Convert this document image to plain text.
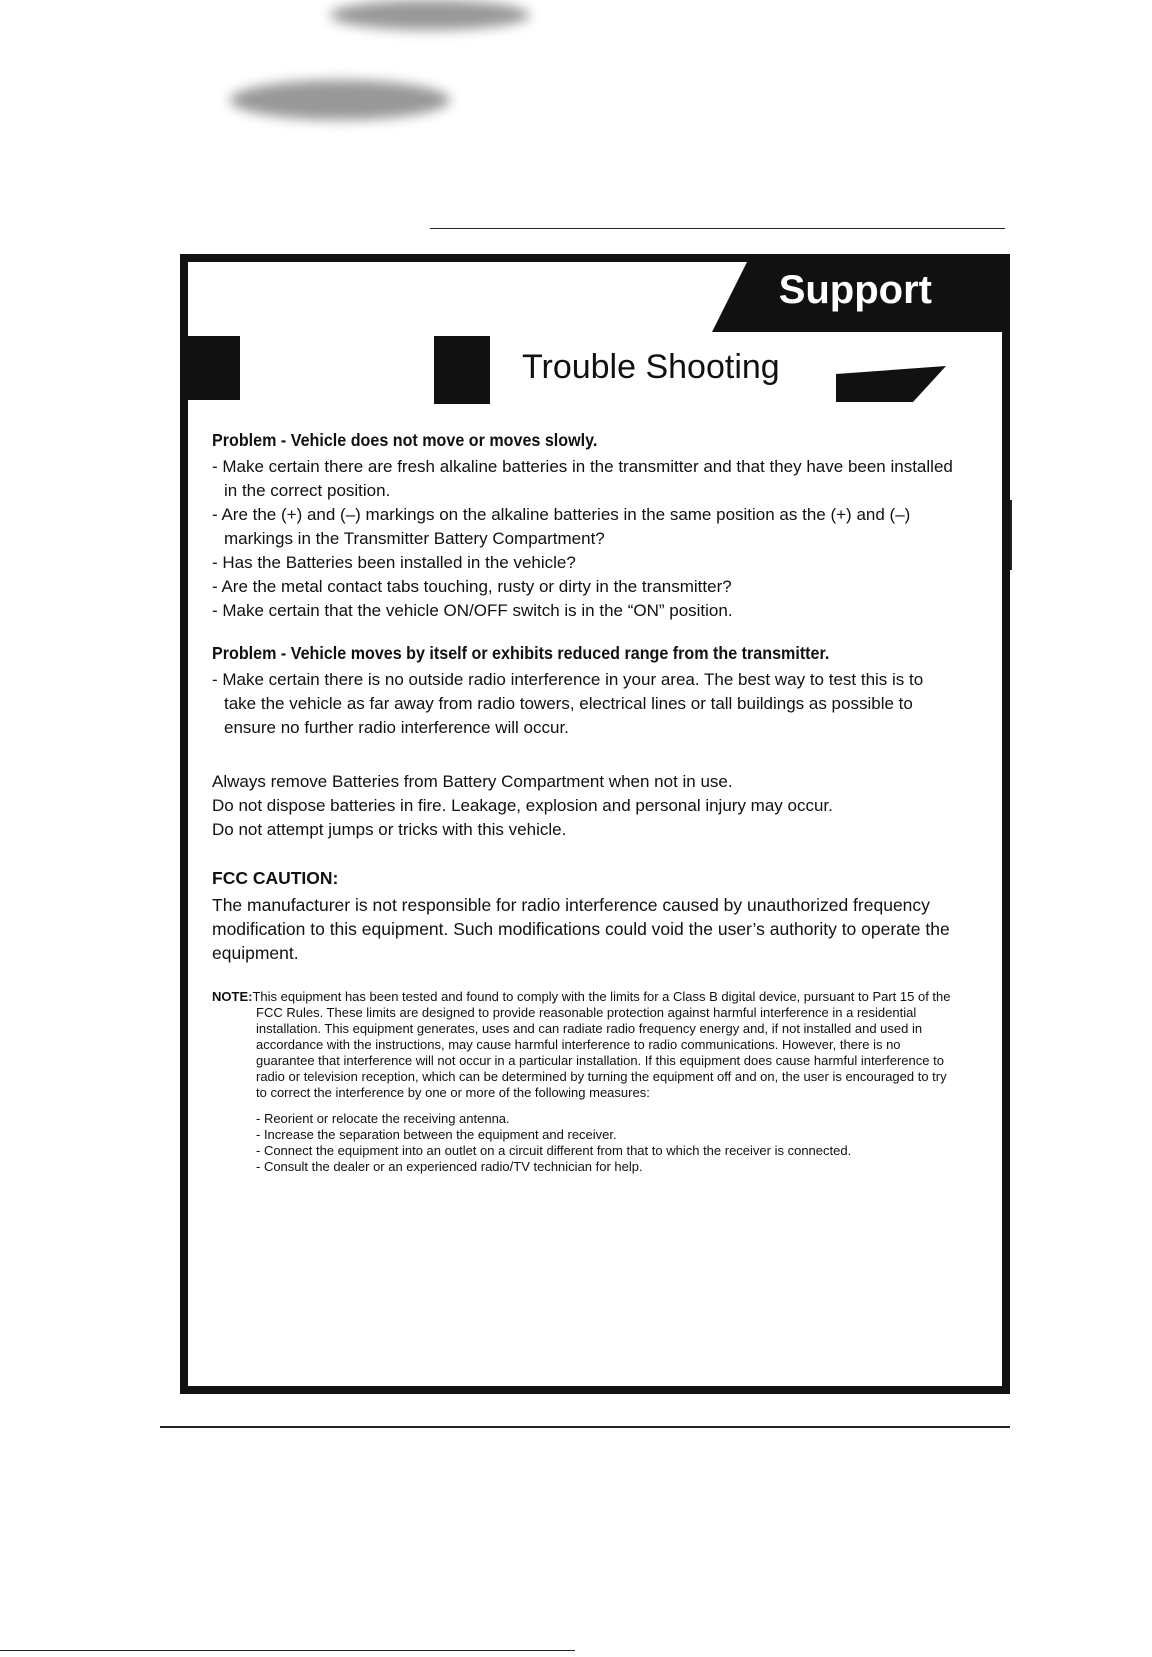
Support
Trouble Shooting

Problem - Vehicle does not move or moves slowly.

- Make certain there are fresh alkaline batteries in the transmitter and that they have been installed in the correct position.

- Are the (+) and (–) markings on the alkaline batteries in the same position as the (+) and (–) markings in the Transmitter Battery Compartment?

- Has the Batteries been installed in the vehicle?

- Are the metal contact tabs touching, rusty or dirty in the transmitter?

- Make certain that the vehicle ON/OFF switch is in the “ON” position.

Problem - Vehicle moves by itself or exhibits reduced range from the transmitter.

- Make certain there is no outside radio interference in your area. The best way to test this is to take the vehicle as far away from radio towers, electrical lines or tall buildings as possible to ensure no further radio interference will occur.

Always remove Batteries from Battery Compartment when not in use.

Do not dispose batteries in fire. Leakage, explosion and personal injury may occur.

Do not attempt jumps or tricks with this vehicle.

FCC CAUTION:

The manufacturer is not responsible for radio interference caused by unauthorized frequency modification to this equipment. Such modifications could void the user’s authority to operate the equipment.

NOTE:This equipment has been tested and found to comply with the limits for a Class B digital device, pursuant to Part 15 of the FCC Rules. These limits are designed to provide reasonable protection against harmful interference in a residential installation. This equipment generates, uses and can radiate radio frequency energy and, if not installed and used in accordance with the instructions, may cause harmful interference to radio communications. However, there is no guarantee that interference will not occur in a particular installation. If this equipment does cause harmful interference to radio or television reception, which can be determined by turning the equipment off and on, the user is encouraged to try to correct the interference by one or more of the following measures:

- Reorient or relocate the receiving antenna.

- Increase the separation between the equipment and receiver.

- Connect the equipment into an outlet on a circuit different from that to which the receiver is connected.

- Consult the dealer or an experienced radio/TV technician for help.
